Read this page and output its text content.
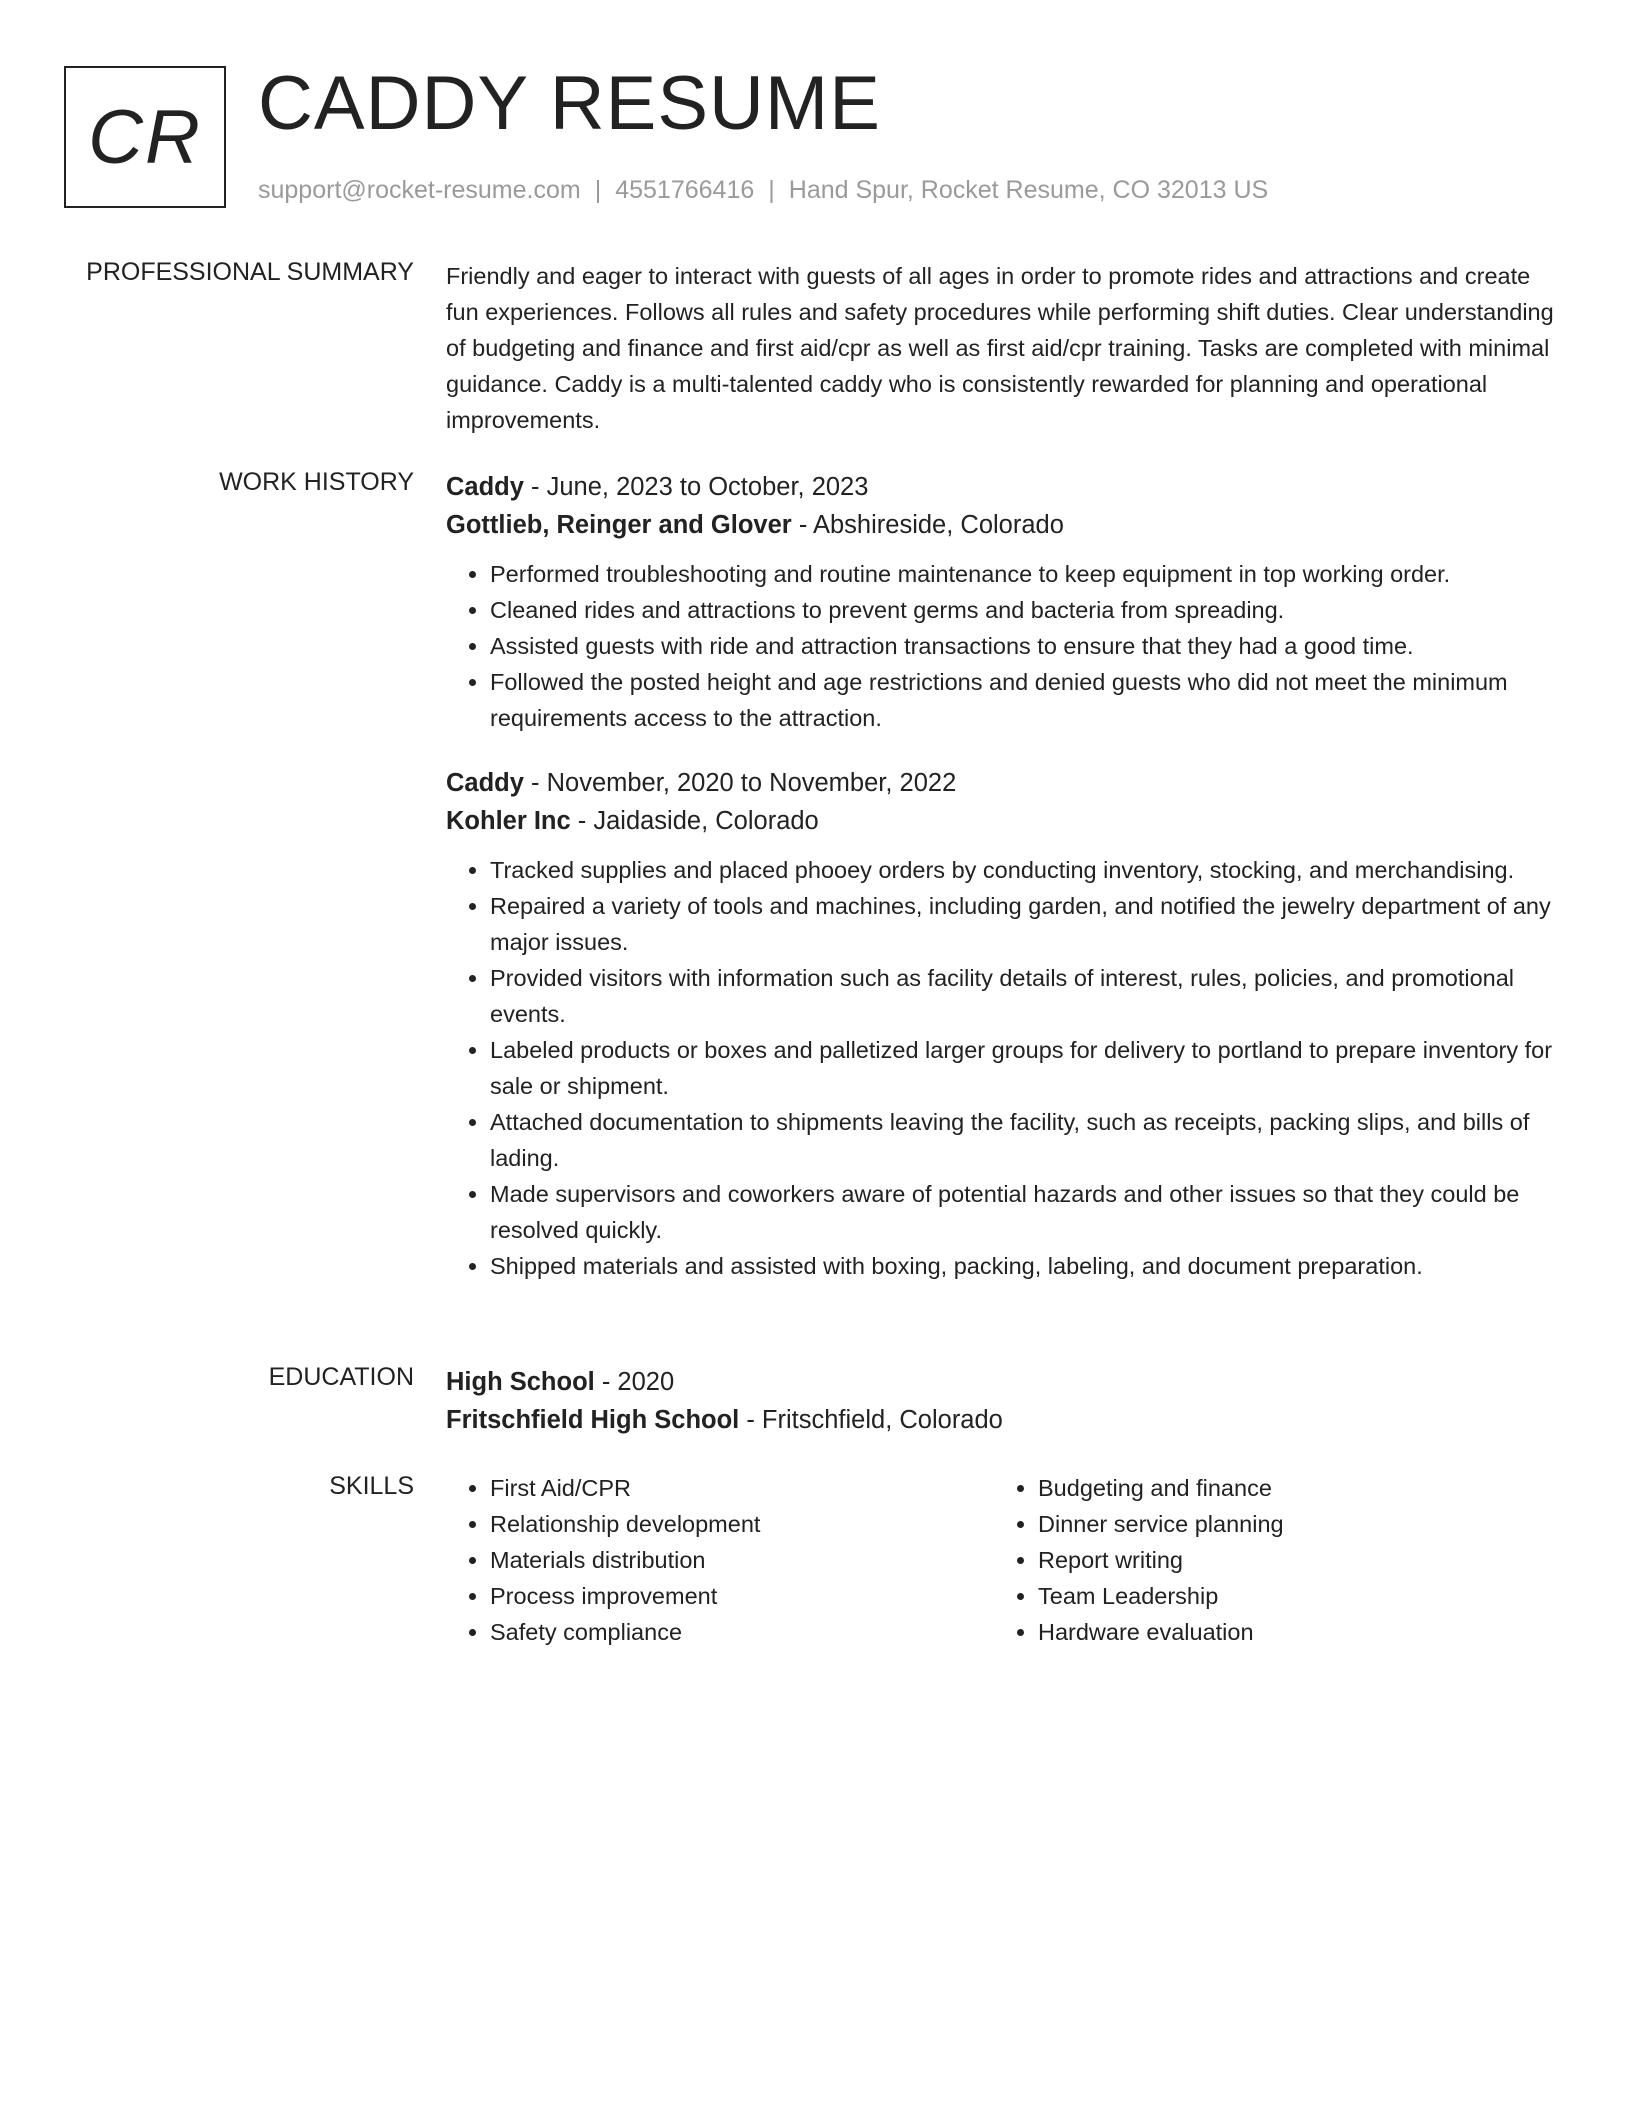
CR CADDY RESUME
support@rocket-resume.com | 4551766416 | Hand Spur, Rocket Resume, CO 32013 US
PROFESSIONAL SUMMARY Friendly and eager to interact with guests of all ages in order to promote rides and attractions and create fun experiences. Follows all rules and safety procedures while performing shift duties. Clear understanding of budgeting and finance and first aid/cpr as well as first aid/cpr training. Tasks are completed with minimal guidance. Caddy is a multi-talented caddy who is consistently rewarded for planning and operational improvements.
WORK HISTORY Caddy - June, 2023 to October, 2023
Gottlieb, Reinger and Glover - Abshireside, Colorado
• Performed troubleshooting and routine maintenance to keep equipment in top working order.
• Cleaned rides and attractions to prevent germs and bacteria from spreading.
• Assisted guests with ride and attraction transactions to ensure that they had a good time.
• Followed the posted height and age restrictions and denied guests who did not meet the minimum requirements access to the attraction.
Caddy - November, 2020 to November, 2022
Kohler Inc - Jaidaside, Colorado
• Tracked supplies and placed phooey orders by conducting inventory, stocking, and merchandising.
• Repaired a variety of tools and machines, including garden, and notified the jewelry department of any major issues.
• Provided visitors with information such as facility details of interest, rules, policies, and promotional events.
• Labeled products or boxes and palletized larger groups for delivery to portland to prepare inventory for sale or shipment.
• Attached documentation to shipments leaving the facility, such as receipts, packing slips, and bills of lading.
• Made supervisors and coworkers aware of potential hazards and other issues so that they could be resolved quickly.
• Shipped materials and assisted with boxing, packing, labeling, and document preparation.
EDUCATION High School - 2020
Fritschfield High School - Fritschfield, Colorado
SKILLS
•	First Aid/CPR
• Relationship development
• Materials distribution
• Process improvement
• Safety compliance
• Budgeting and finance
• Dinner service planning
• Report writing
• Team Leadership
• Hardware evaluation
